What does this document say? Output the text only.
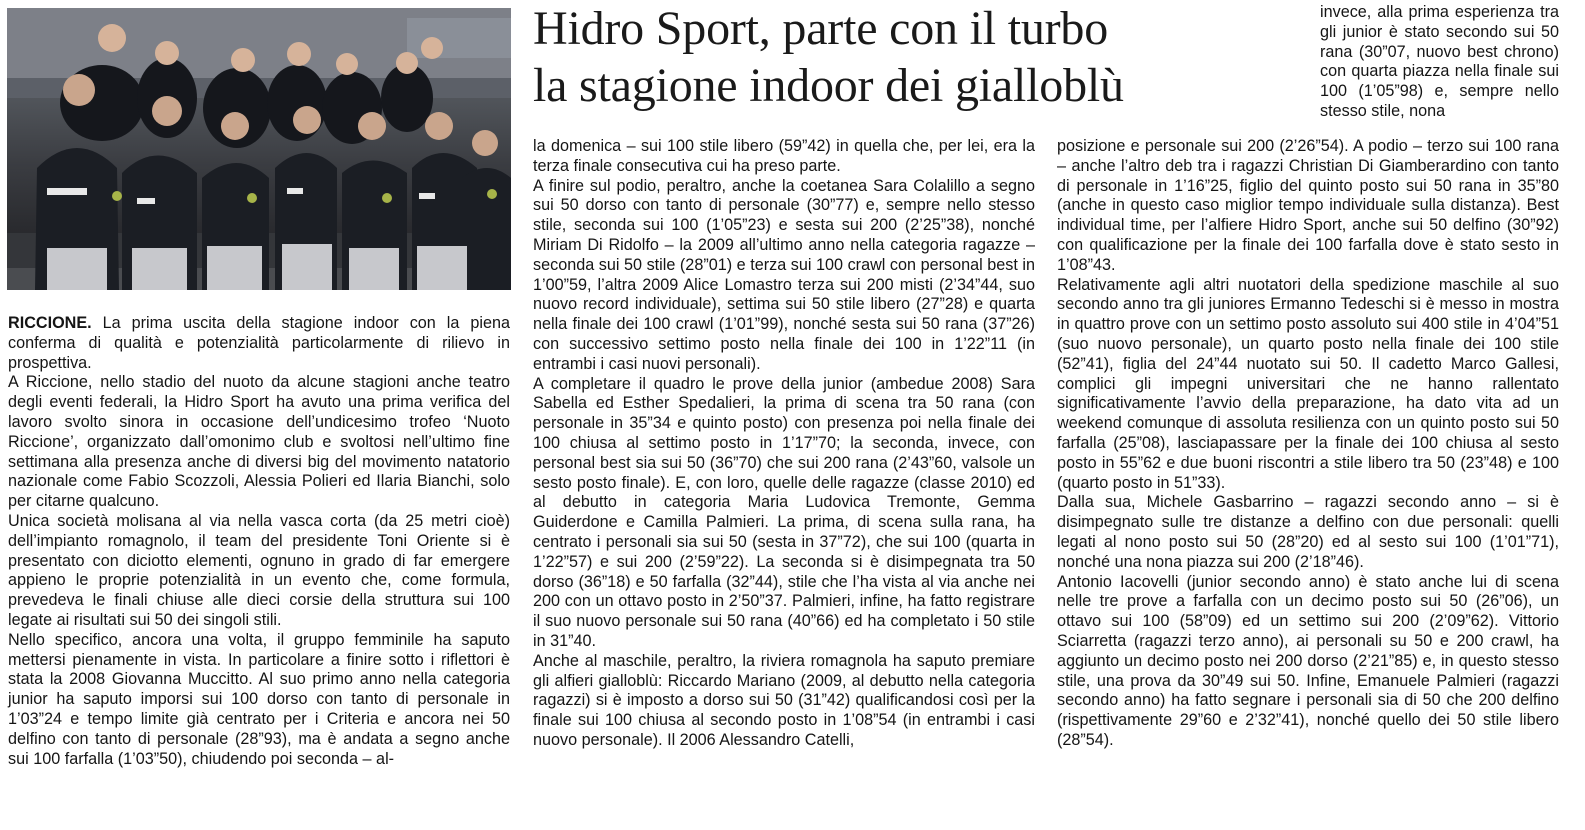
Hidro Sport, parte con il turbo
la stagione indoor dei gialloblù

invece, alla prima esperienza tra gli junior è stato secondo sui 50 rana (30”07, nuovo best chrono) con quarta piazza nella finale sui 100 (1’05”98) e, sempre nello stesso stile, nona

RICCIONE. La prima uscita della stagione indoor con la piena conferma di qualità e potenzialità particolarmente di rilievo in prospettiva.

A Riccione, nello stadio del nuoto da alcune stagioni anche teatro degli eventi federali, la Hidro Sport ha avuto una prima verifica del lavoro svolto sinora in occasione dell’undicesimo trofeo ‘Nuoto Riccione’, organizzato dall’omonimo club e svoltosi nell’ultimo fine settimana alla presenza anche di diversi big del movimento natatorio nazionale come Fabio Scozzoli, Alessia Polieri ed Ilaria Bianchi, solo per citarne qualcuno.

Unica società molisana al via nella vasca corta (da 25 metri cioè) dell’impianto romagnolo, il team del presidente Toni Oriente si è presentato con diciotto elementi, ognuno in grado di far emergere appieno le proprie potenzialità in un evento che, come formula, prevedeva le finali chiuse alle dieci corsie della struttura sui 100 legate ai risultati sui 50 dei singoli stili.

Nello specifico, ancora una volta, il gruppo femminile ha saputo mettersi pienamente in vista. In particolare a finire sotto i riflettori è stata la 2008 Giovanna Muccitto. Al suo primo anno nella categoria junior ha saputo imporsi sui 100 dorso con tanto di personale in 1’03”24 e tempo limite già centrato per i Criteria e ancora nei 50 delfino con tanto di personale (28”93), ma è andata a segno anche sui 100 farfalla (1’03”50), chiudendo poi seconda – al-

la domenica – sui 100 stile libero (59”42) in quella che, per lei, era la terza finale consecutiva cui ha preso parte.

A finire sul podio, peraltro, anche la coetanea Sara Colalillo a segno sui 50 dorso con tanto di personale (30”77) e, sempre nello stesso stile, seconda sui 100 (1’05”23) e sesta sui 200 (2’25”38), nonché Miriam Di Ridolfo – la 2009 all’ultimo anno nella categoria ragazze – seconda sui 50 stile (28”01) e terza sui 100 crawl con personal best in 1’00”59, l’altra 2009 Alice Lomastro terza sui 200 misti (2’34”44, suo nuovo record individuale), settima sui 50 stile libero (27”28) e quarta nella finale dei 100 crawl (1’01”99), nonché sesta sui 50 rana (37”26) con successivo settimo posto nella finale dei 100 in 1’22”11 (in entrambi i casi nuovi personali).

A completare il quadro le prove della junior (ambedue 2008) Sara Sabella ed Esther Spedalieri, la prima di scena tra 50 rana (con personale in 35”34 e quinto posto) con presenza poi nella finale dei 100 chiusa al settimo posto in 1’17”70; la seconda, invece, con personal best sia sui 50 (36”70) che sui 200 rana (2’43”60, valsole un sesto posto finale). E, con loro, quelle delle ragazze (classe 2010) ed al debutto in categoria Maria Ludovica Tremonte, Gemma Guiderdone e Camilla Palmieri. La prima, di scena sulla rana, ha centrato i personali sia sui 50 (sesta in 37”72), che sui 100 (quarta in 1’22”57) e sui 200 (2’59”22). La seconda si è disimpegnata tra 50 dorso (36”18) e 50 farfalla (32”44), stile che l’ha vista al via anche nei 200 con un ottavo posto in 2’50”37. Palmieri, infine, ha fatto registrare il suo nuovo personale sui 50 rana (40”66) ed ha completato i 50 stile in 31”40.

Anche al maschile, peraltro, la riviera romagnola ha saputo premiare gli alfieri gialloblù: Riccardo Mariano (2009, al debutto nella categoria ragazzi) si è imposto a dorso sui 50 (31”42) qualificandosi così per la finale sui 100 chiusa al secondo posto in 1’08”54 (in entrambi i casi nuovo personale). Il 2006 Alessandro Catelli,

posizione e personale sui 200 (2’26”54). A podio – terzo sui 100 rana – anche l’altro deb tra i ragazzi Christian Di Giamberardino con tanto di personale in 1’16”25, figlio del quinto posto sui 50 rana in 35”80 (anche in questo caso miglior tempo individuale sulla distanza). Best individual time, per l’alfiere Hidro Sport, anche sui 50 delfino (30”92) con qualificazione per la finale dei 100 farfalla dove è stato sesto in 1’08”43.

Relativamente agli altri nuotatori della spedizione maschile al suo secondo anno tra gli juniores Ermanno Tedeschi si è messo in mostra in quattro prove con un settimo posto assoluto sui 400 stile in 4’04”51 (suo nuovo personale), un quarto posto nella finale dei 100 stile (52”41), figlia del 24”44 nuotato sui 50. Il cadetto Marco Gallesi, complici gli impegni universitari che ne hanno rallentato significativamente l’avvio della preparazione, ha dato vita ad un weekend comunque di assoluta resilienza con un quinto posto sui 50 farfalla (25”08), lasciapassare per la finale dei 100 chiusa al sesto posto in 55”62 e due buoni riscontri a stile libero tra 50 (23”48) e 100 (quarto posto in 51”33).

Dalla sua, Michele Gasbarrino – ragazzi secondo anno – si è disimpegnato sulle tre distanze a delfino con due personali: quelli legati al nono posto sui 50 (28”20) ed al sesto sui 100 (1’01”71), nonché una nona piazza sui 200 (2’18”46).

Antonio Iacovelli (junior secondo anno) è stato anche lui di scena nelle tre prove a farfalla con un decimo posto sui 50 (26”06), un ottavo sui 100 (58”09) ed un settimo sui 200 (2’09”62). Vittorio Sciarretta (ragazzi terzo anno), ai personali su 50 e 200 crawl, ha aggiunto un decimo posto nei 200 dorso (2’21”85) e, in questo stesso stile, una prova da 30”49 sui 50. Infine, Emanuele Palmieri (ragazzi secondo anno) ha fatto segnare i personali sia di 50 che 200 delfino (rispettivamente 29”60 e 2’32”41), nonché quello dei 50 stile libero (28”54).
